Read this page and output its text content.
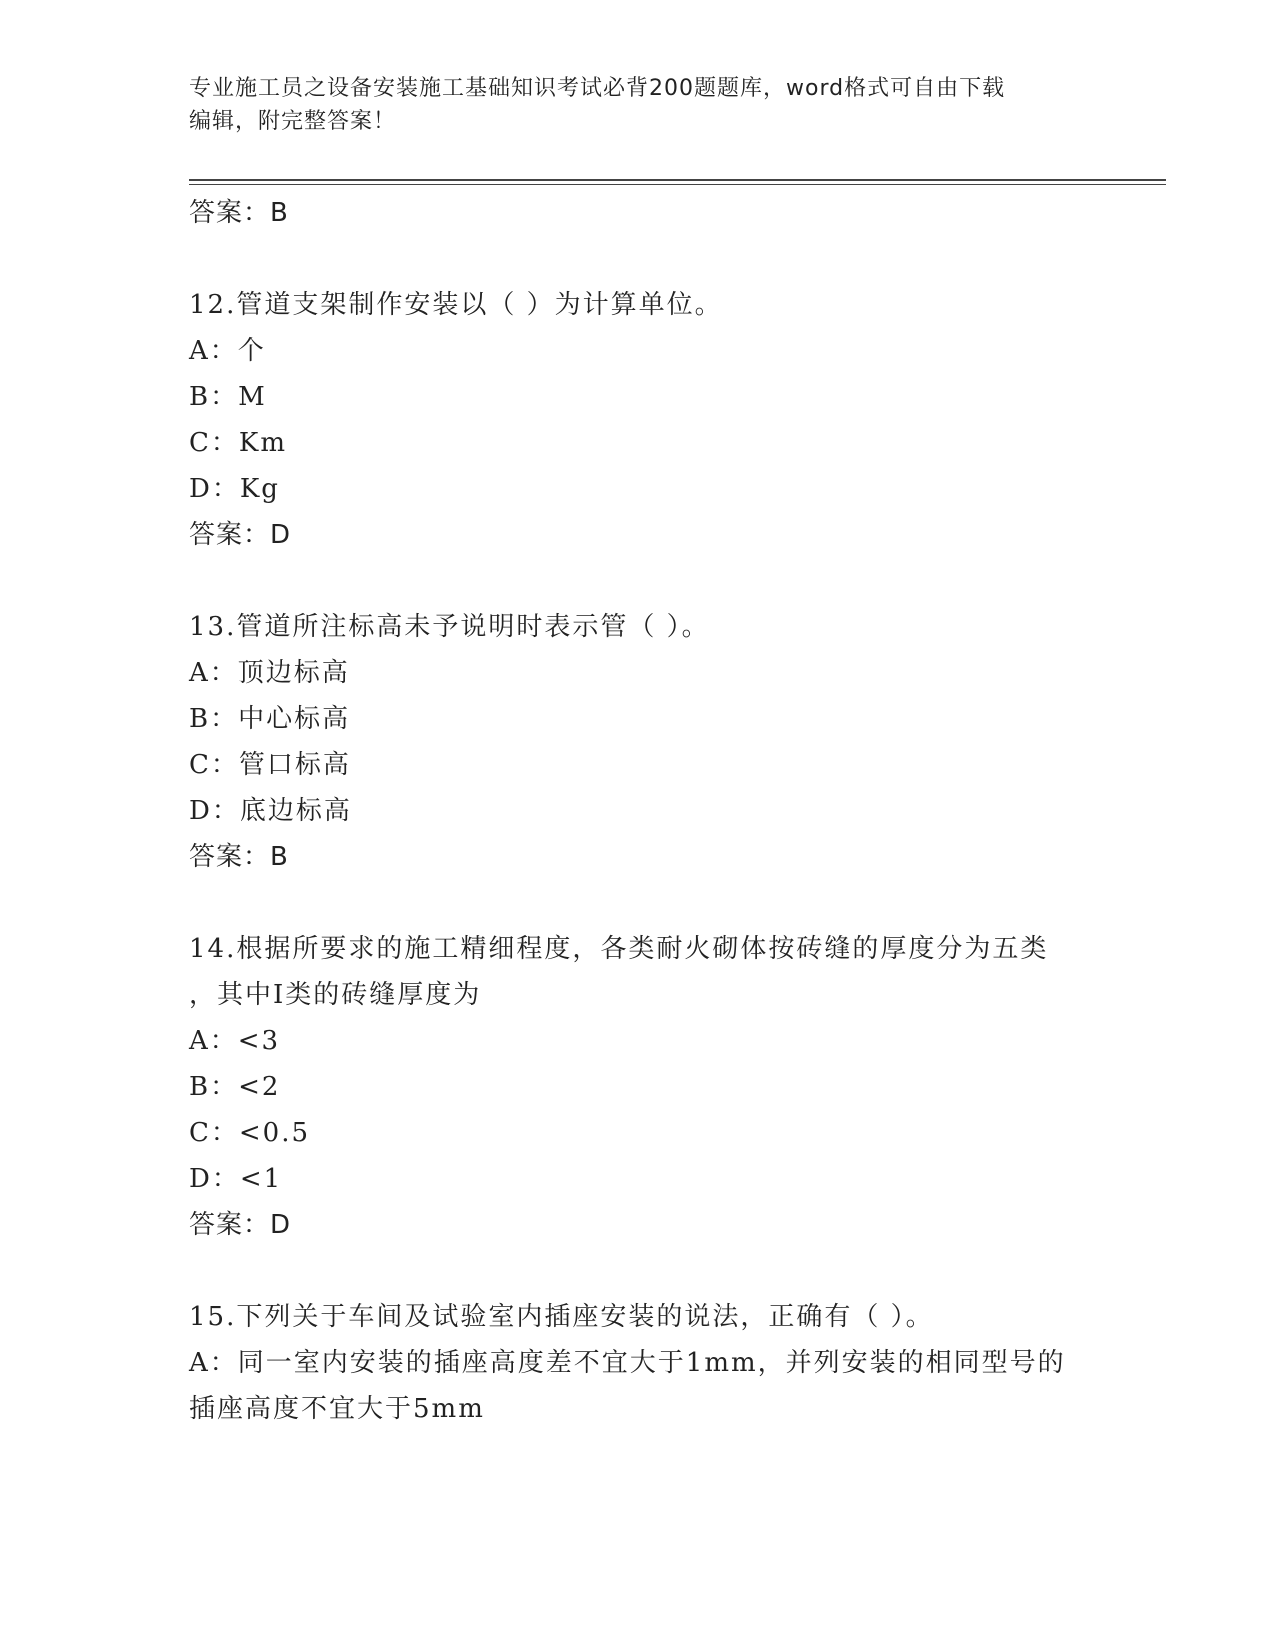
专业施工员之设备安装施工基础知识考试必背200题题库，word格式可自由下载
编辑，附完整答案！
答案：B
12.管道支架制作安装以（ ）为计算单位。
A：个
B：M
C：Km
D：Kg
答案：D
13.管道所注标高未予说明时表示管（ ）。
A：顶边标高
B：中心标高
C：管口标高
D：底边标高
答案：B
14.根据所要求的施工精细程度，各类耐火砌体按砖缝的厚度分为五类
，其中Ⅰ类的砖缝厚度为
A：<3
B：<2
C：<0.5
D：<1
答案：D
15.下列关于车间及试验室内插座安装的说法，正确有（ ）。
A：同一室内安装的插座高度差不宜大于1mm，并列安装的相同型号的
插座高度不宜大于5mm
